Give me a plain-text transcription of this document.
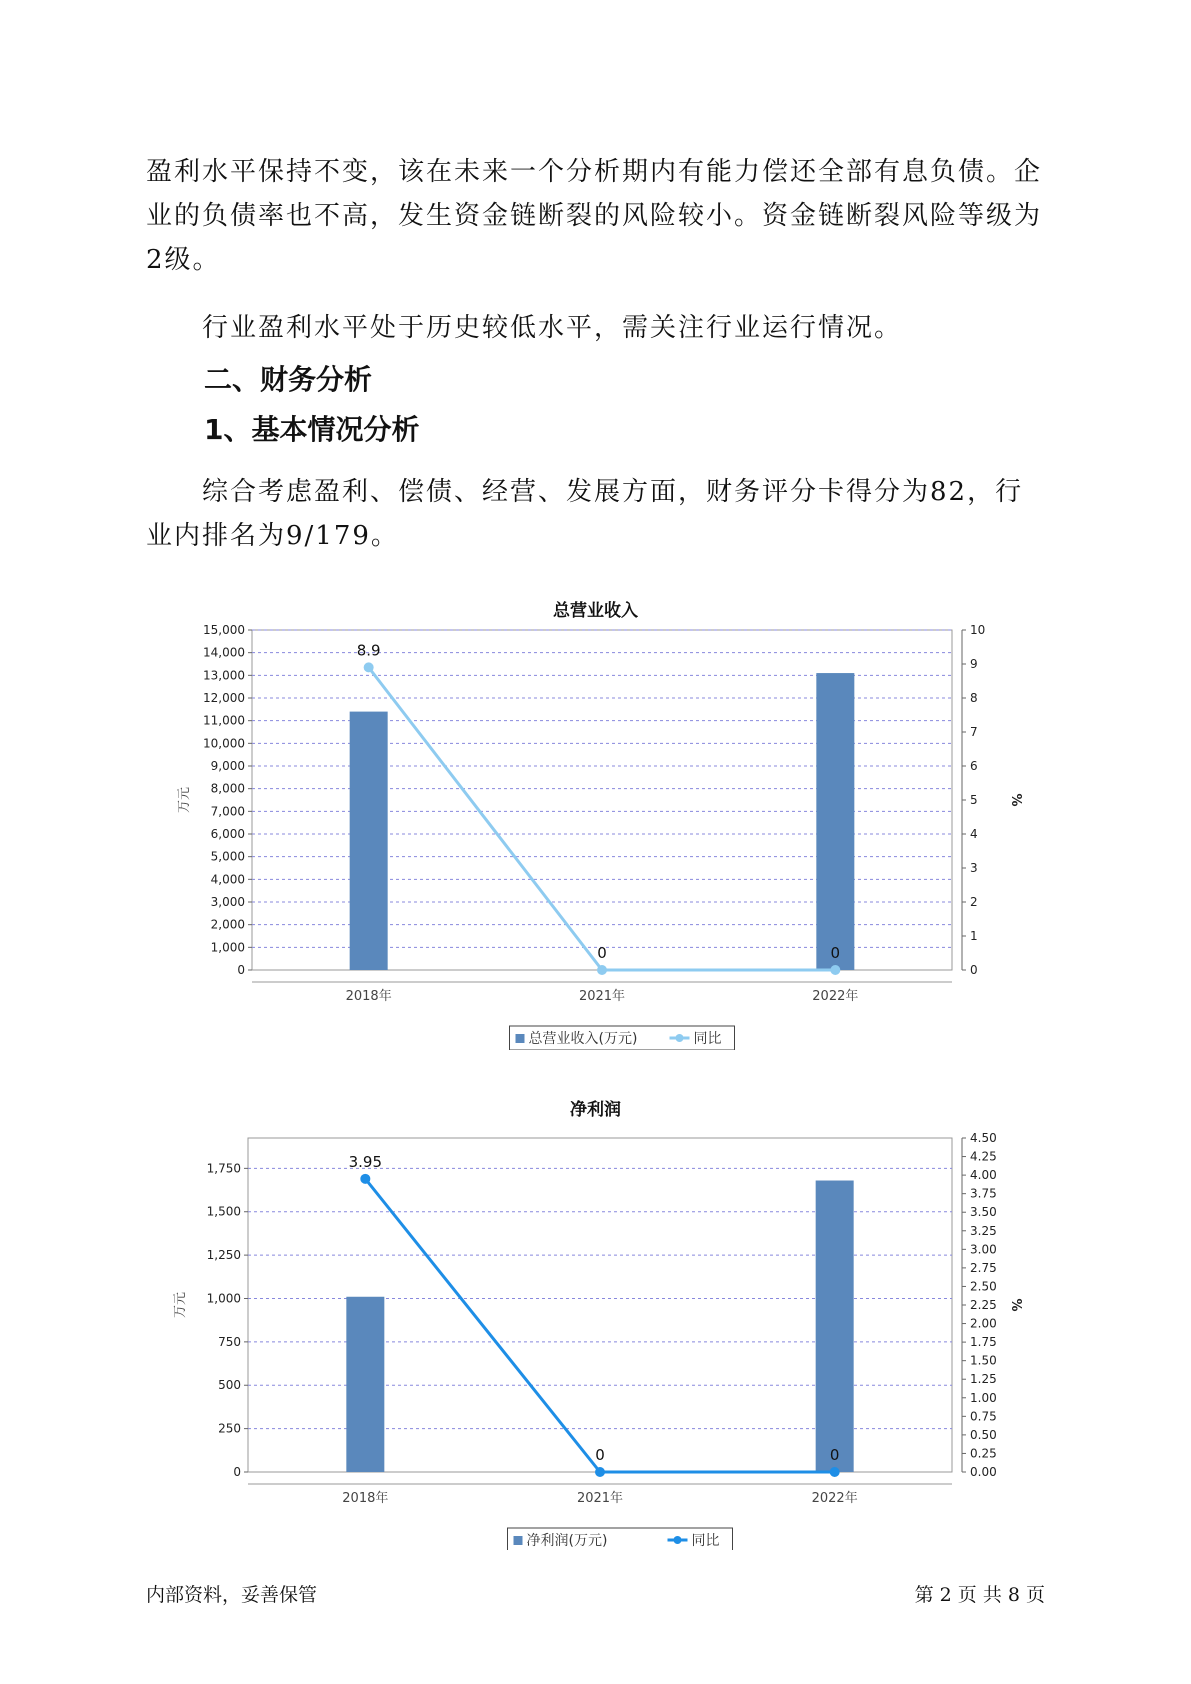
盈利水平保持不变，该在未来一个分析期内有能力偿还全部有息负债。企业的负债率也不高，发生资金链断裂的风险较小。资金链断裂风险等级为2级。

行业盈利水平处于历史较低水平，需关注行业运行情况。

二、财务分析
1、基本情况分析

综合考虑盈利、偿债、经营、发展方面，财务评分卡得分为82，行业内排名为9/179。

总营业收入
0
1,000
2,000
3,000
4,000
5,000
6,000
7,000
8,000
9,000
10,000
11,000
12,000
13,000
14,000
15,000
0
1
2
3
4
5
6
7
8
9
10
万元	%
2018年	2021年	2022年
8.9
0	0
总营业收入(万元)	同比
净利润
0
250
500
750
1,000
1,250
1,500
1,750
0.00
0.25
0.50
0.75
1.00
1.25
1.50
1.75
2.00
2.25
2.50
2.75
3.00
3.25
3.50
3.75
4.00
4.25
4.50
万元	%
2018年	2021年	2022年
3.95
0	0
净利润(万元)	同比
内部资料，妥善保管	第 2 页 共 8 页
